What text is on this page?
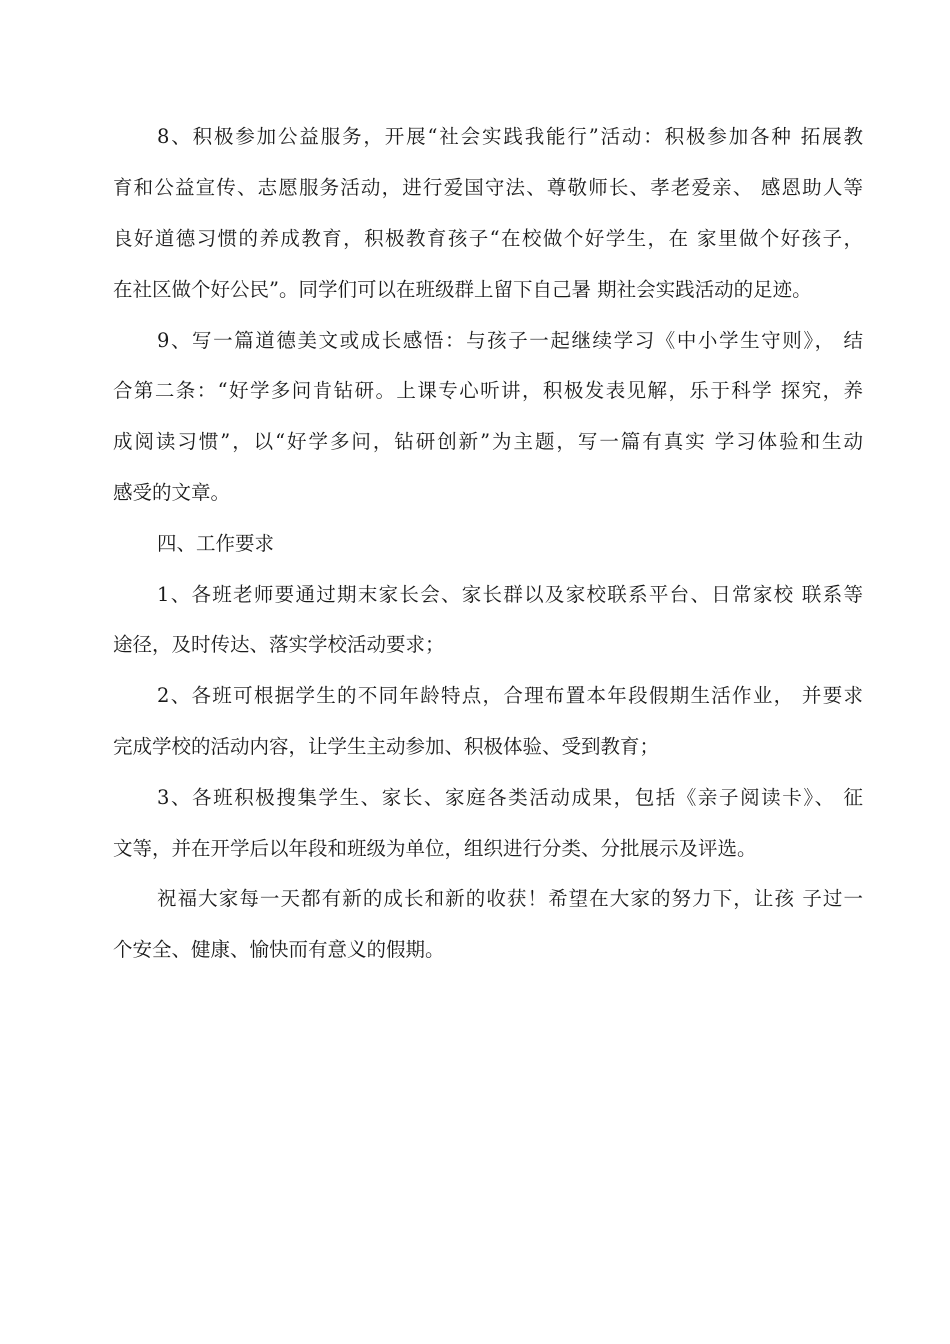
8、积极参加公益服务，开展“社会实践我能行”活动：积极参加各种 拓展教
育和公益宣传、志愿服务活动，进行爱国守法、尊敬师长、孝老爱亲、 感恩助人等
良好道德习惯的养成教育，积极教育孩子“在校做个好学生，在 家里做个好孩子，
在社区做个好公民”。同学们可以在班级群上留下自己暑 期社会实践活动的足迹。
9、写一篇道德美文或成长感悟：与孩子一起继续学习《中小学生守则》， 结
合第二条：“好学多问肯钻研。上课专心听讲，积极发表见解，乐于科学 探究，养
成阅读习惯”，以“好学多问，钻研创新”为主题，写一篇有真实 学习体验和生动
感受的文章。
四、工作要求
1、各班老师要通过期末家长会、家长群以及家校联系平台、日常家校 联系等
途径，及时传达、落实学校活动要求；
2、各班可根据学生的不同年龄特点，合理布置本年段假期生活作业， 并要求
完成学校的活动内容，让学生主动参加、积极体验、受到教育；
3、各班积极搜集学生、家长、家庭各类活动成果，包括《亲子阅读卡》、 征
文等，并在开学后以年段和班级为单位，组织进行分类、分批展示及评选。
祝福大家每一天都有新的成长和新的收获！希望在大家的努力下，让孩 子过一
个安全、健康、愉快而有意义的假期。
